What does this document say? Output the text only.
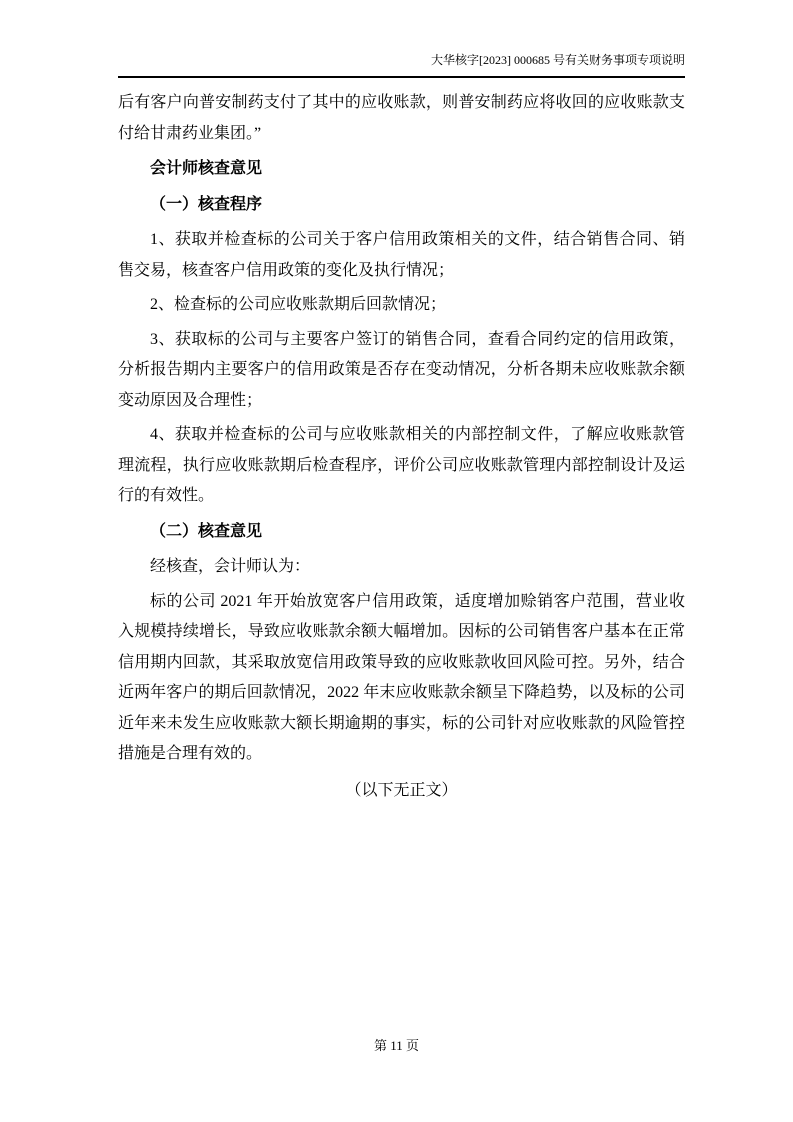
大华核字[2023] 000685 号有关财务事项专项说明

后有客户向普安制药支付了其中的应收账款，则普安制药应将收回的应收账款支付给甘肃药业集团。”

会计师核查意见

（一）核查程序

1、获取并检查标的公司关于客户信用政策相关的文件，结合销售合同、销售交易，核查客户信用政策的变化及执行情况；

2、检查标的公司应收账款期后回款情况；

3、获取标的公司与主要客户签订的销售合同，查看合同约定的信用政策，分析报告期内主要客户的信用政策是否存在变动情况，分析各期未应收账款余额变动原因及合理性；

4、获取并检查标的公司与应收账款相关的内部控制文件，了解应收账款管理流程，执行应收账款期后检查程序，评价公司应收账款管理内部控制设计及运行的有效性。

（二）核查意见

经核查，会计师认为：

标的公司 2021 年开始放宽客户信用政策，适度增加赊销客户范围，营业收入规模持续增长，导致应收账款余额大幅增加。因标的公司销售客户基本在正常信用期内回款，其采取放宽信用政策导致的应收账款收回风险可控。另外，结合近两年客户的期后回款情况，2022 年末应收账款余额呈下降趋势，以及标的公司近年来未发生应收账款大额长期逾期的事实，标的公司针对应收账款的风险管控措施是合理有效的。

（以下无正文）

第 11 页
